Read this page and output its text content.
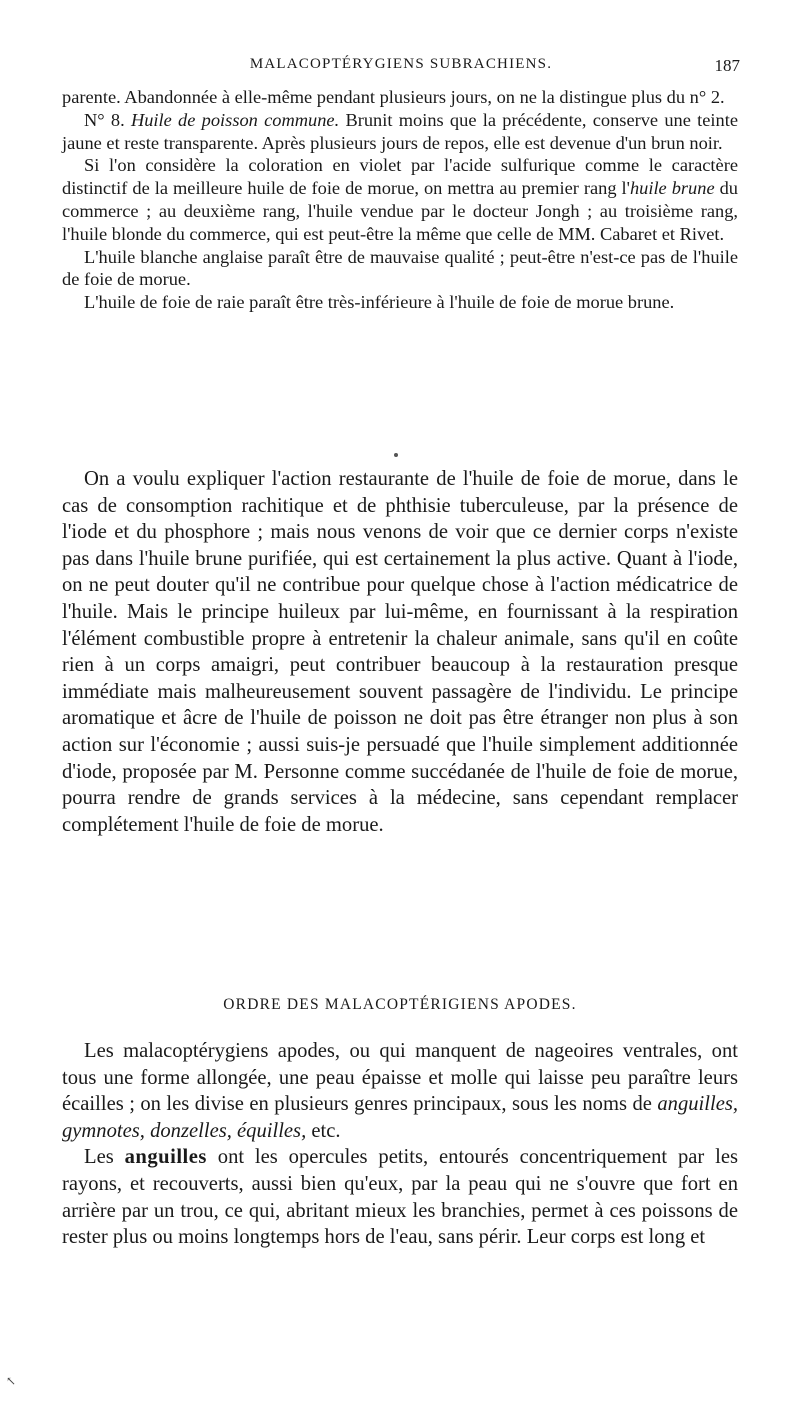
MALACOPTÉRYGIENS SUBRACHIENS.	187

parente. Abandonnée à elle-même pendant plusieurs jours, on ne la distingue plus du n° 2.

N° 8. Huile de poisson commune. Brunit moins que la précédente, conserve une teinte jaune et reste transparente. Après plusieurs jours de repos, elle est devenue d'un brun noir.

Si l'on considère la coloration en violet par l'acide sulfurique comme le caractère distinctif de la meilleure huile de foie de morue, on mettra au premier rang l'huile brune du commerce ; au deuxième rang, l'huile vendue par le docteur Jongh ; au troisième rang, l'huile blonde du commerce, qui est peut-être la même que celle de MM. Cabaret et Rivet.

L'huile blanche anglaise paraît être de mauvaise qualité ; peut-être n'est-ce pas de l'huile de foie de morue.

L'huile de foie de raie paraît être très-inférieure à l'huile de foie de morue brune.

On a voulu expliquer l'action restaurante de l'huile de foie de morue, dans le cas de consomption rachitique et de phthisie tuberculeuse, par la présence de l'iode et du phosphore ; mais nous venons de voir que ce dernier corps n'existe pas dans l'huile brune purifiée, qui est certainement la plus active. Quant à l'iode, on ne peut douter qu'il ne contribue pour quelque chose à l'action médicatrice de l'huile. Mais le principe huileux par lui-même, en fournissant à la respiration l'élément combustible propre à entretenir la chaleur animale, sans qu'il en coûte rien à un corps amaigri, peut contribuer beaucoup à la restauration presque immédiate mais malheureusement souvent passagère de l'individu. Le principe aromatique et âcre de l'huile de poisson ne doit pas être étranger non plus à son action sur l'économie ; aussi suis-je persuadé que l'huile simplement additionnée d'iode, proposée par M. Personne comme succédanée de l'huile de foie de morue, pourra rendre de grands services à la médecine, sans cependant remplacer complétement l'huile de foie de morue.

ORDRE DES MALACOPTÉRIGIENS APODES.

Les malacoptérygiens apodes, ou qui manquent de nageoires ventrales, ont tous une forme allongée, une peau épaisse et molle qui laisse peu paraître leurs écailles ; on les divise en plusieurs genres principaux, sous les noms de anguilles, gymnotes, donzelles, équilles, etc.

Les anguilles ont les opercules petits, entourés concentriquement par les rayons, et recouverts, aussi bien qu'eux, par la peau qui ne s'ouvre que fort en arrière par un trou, ce qui, abritant mieux les branchies, permet à ces poissons de rester plus ou moins longtemps hors de l'eau, sans périr. Leur corps est long et

↖
